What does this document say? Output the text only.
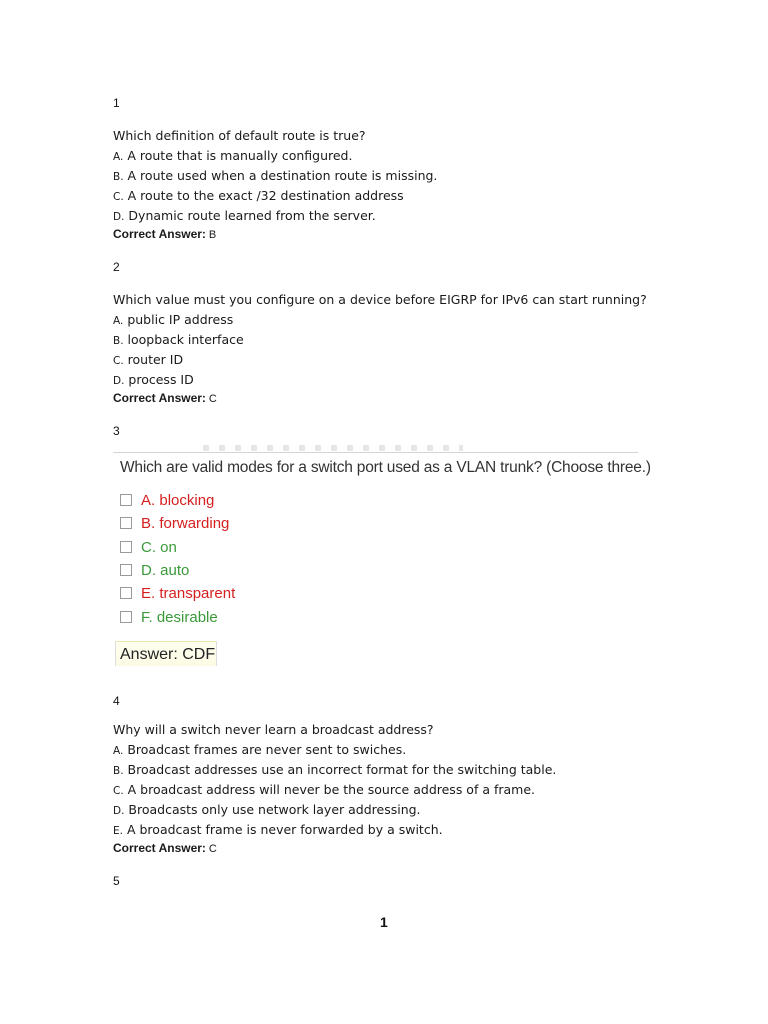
1
Which definition of default route is true?
A. A route that is manually configured.
B. A route used when a destination route is missing.
C. A route to the exact /32 destination address
D. Dynamic route learned from the server.
Correct Answer: B
2
Which value must you configure on a device before EIGRP for IPv6 can start running?
A. public IP address
B. loopback interface
C. router ID
D. process ID
Correct Answer: C
3
Which are valid modes for a switch port used as a VLAN trunk? (Choose three.)
A. blocking
B. forwarding
C. on
D. auto
E. transparent
F. desirable
Answer: CDF
4
Why will a switch never learn a broadcast address?
A. Broadcast frames are never sent to swiches.
B. Broadcast addresses use an incorrect format for the switching table.
C. A broadcast address will never be the source address of a frame.
D. Broadcasts only use network layer addressing.
E. A broadcast frame is never forwarded by a switch.
Correct Answer: C
5
1
